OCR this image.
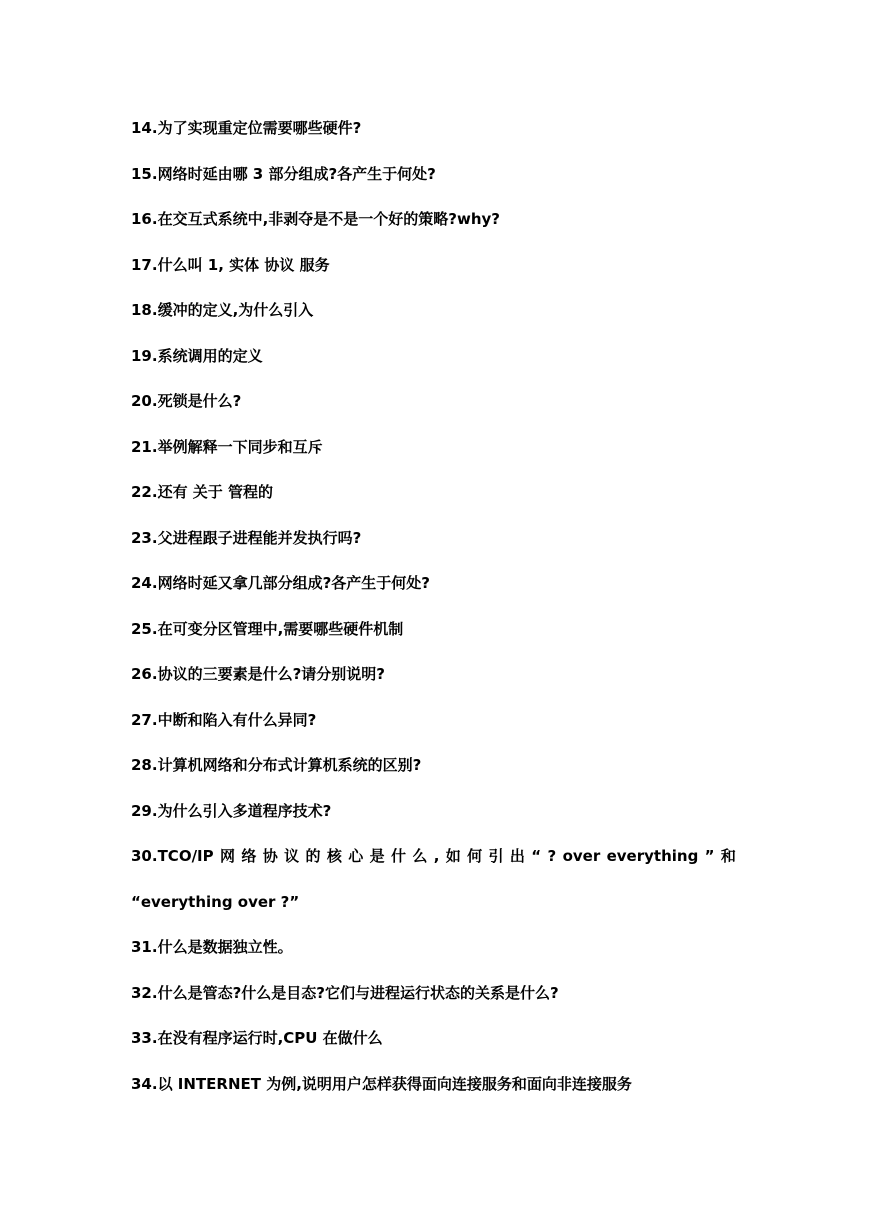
14.为了实现重定位需要哪些硬件?
15.网络时延由哪 3 部分组成?各产生于何处?
16.在交互式系统中,非剥夺是不是一个好的策略?why?
17.什么叫 1, 实体 协议 服务
18.缓冲的定义,为什么引入
19.系统调用的定义
20.死锁是什么?
21.举例解释一下同步和互斥
22.还有 关于 管程的
23.父进程跟子进程能并发执行吗?
24.网络时延又拿几部分组成?各产生于何处?
25.在可变分区管理中,需要哪些硬件机制
26.协议的三要素是什么?请分别说明?
27.中断和陷入有什么异同?
28.计算机网络和分布式计算机系统的区别?
29.为什么引入多道程序技术?
30.TCO/IP 网 络 协 议 的 核 心 是 什 么 , 如 何 引 出 “ ? over everything ” 和
“everything over ?”
31.什么是数据独立性。
32.什么是管态?什么是目态?它们与进程运行状态的关系是什么?
33.在没有程序运行时,CPU 在做什么
34.以 INTERNET 为例,说明用户怎样获得面向连接服务和面向非连接服务
